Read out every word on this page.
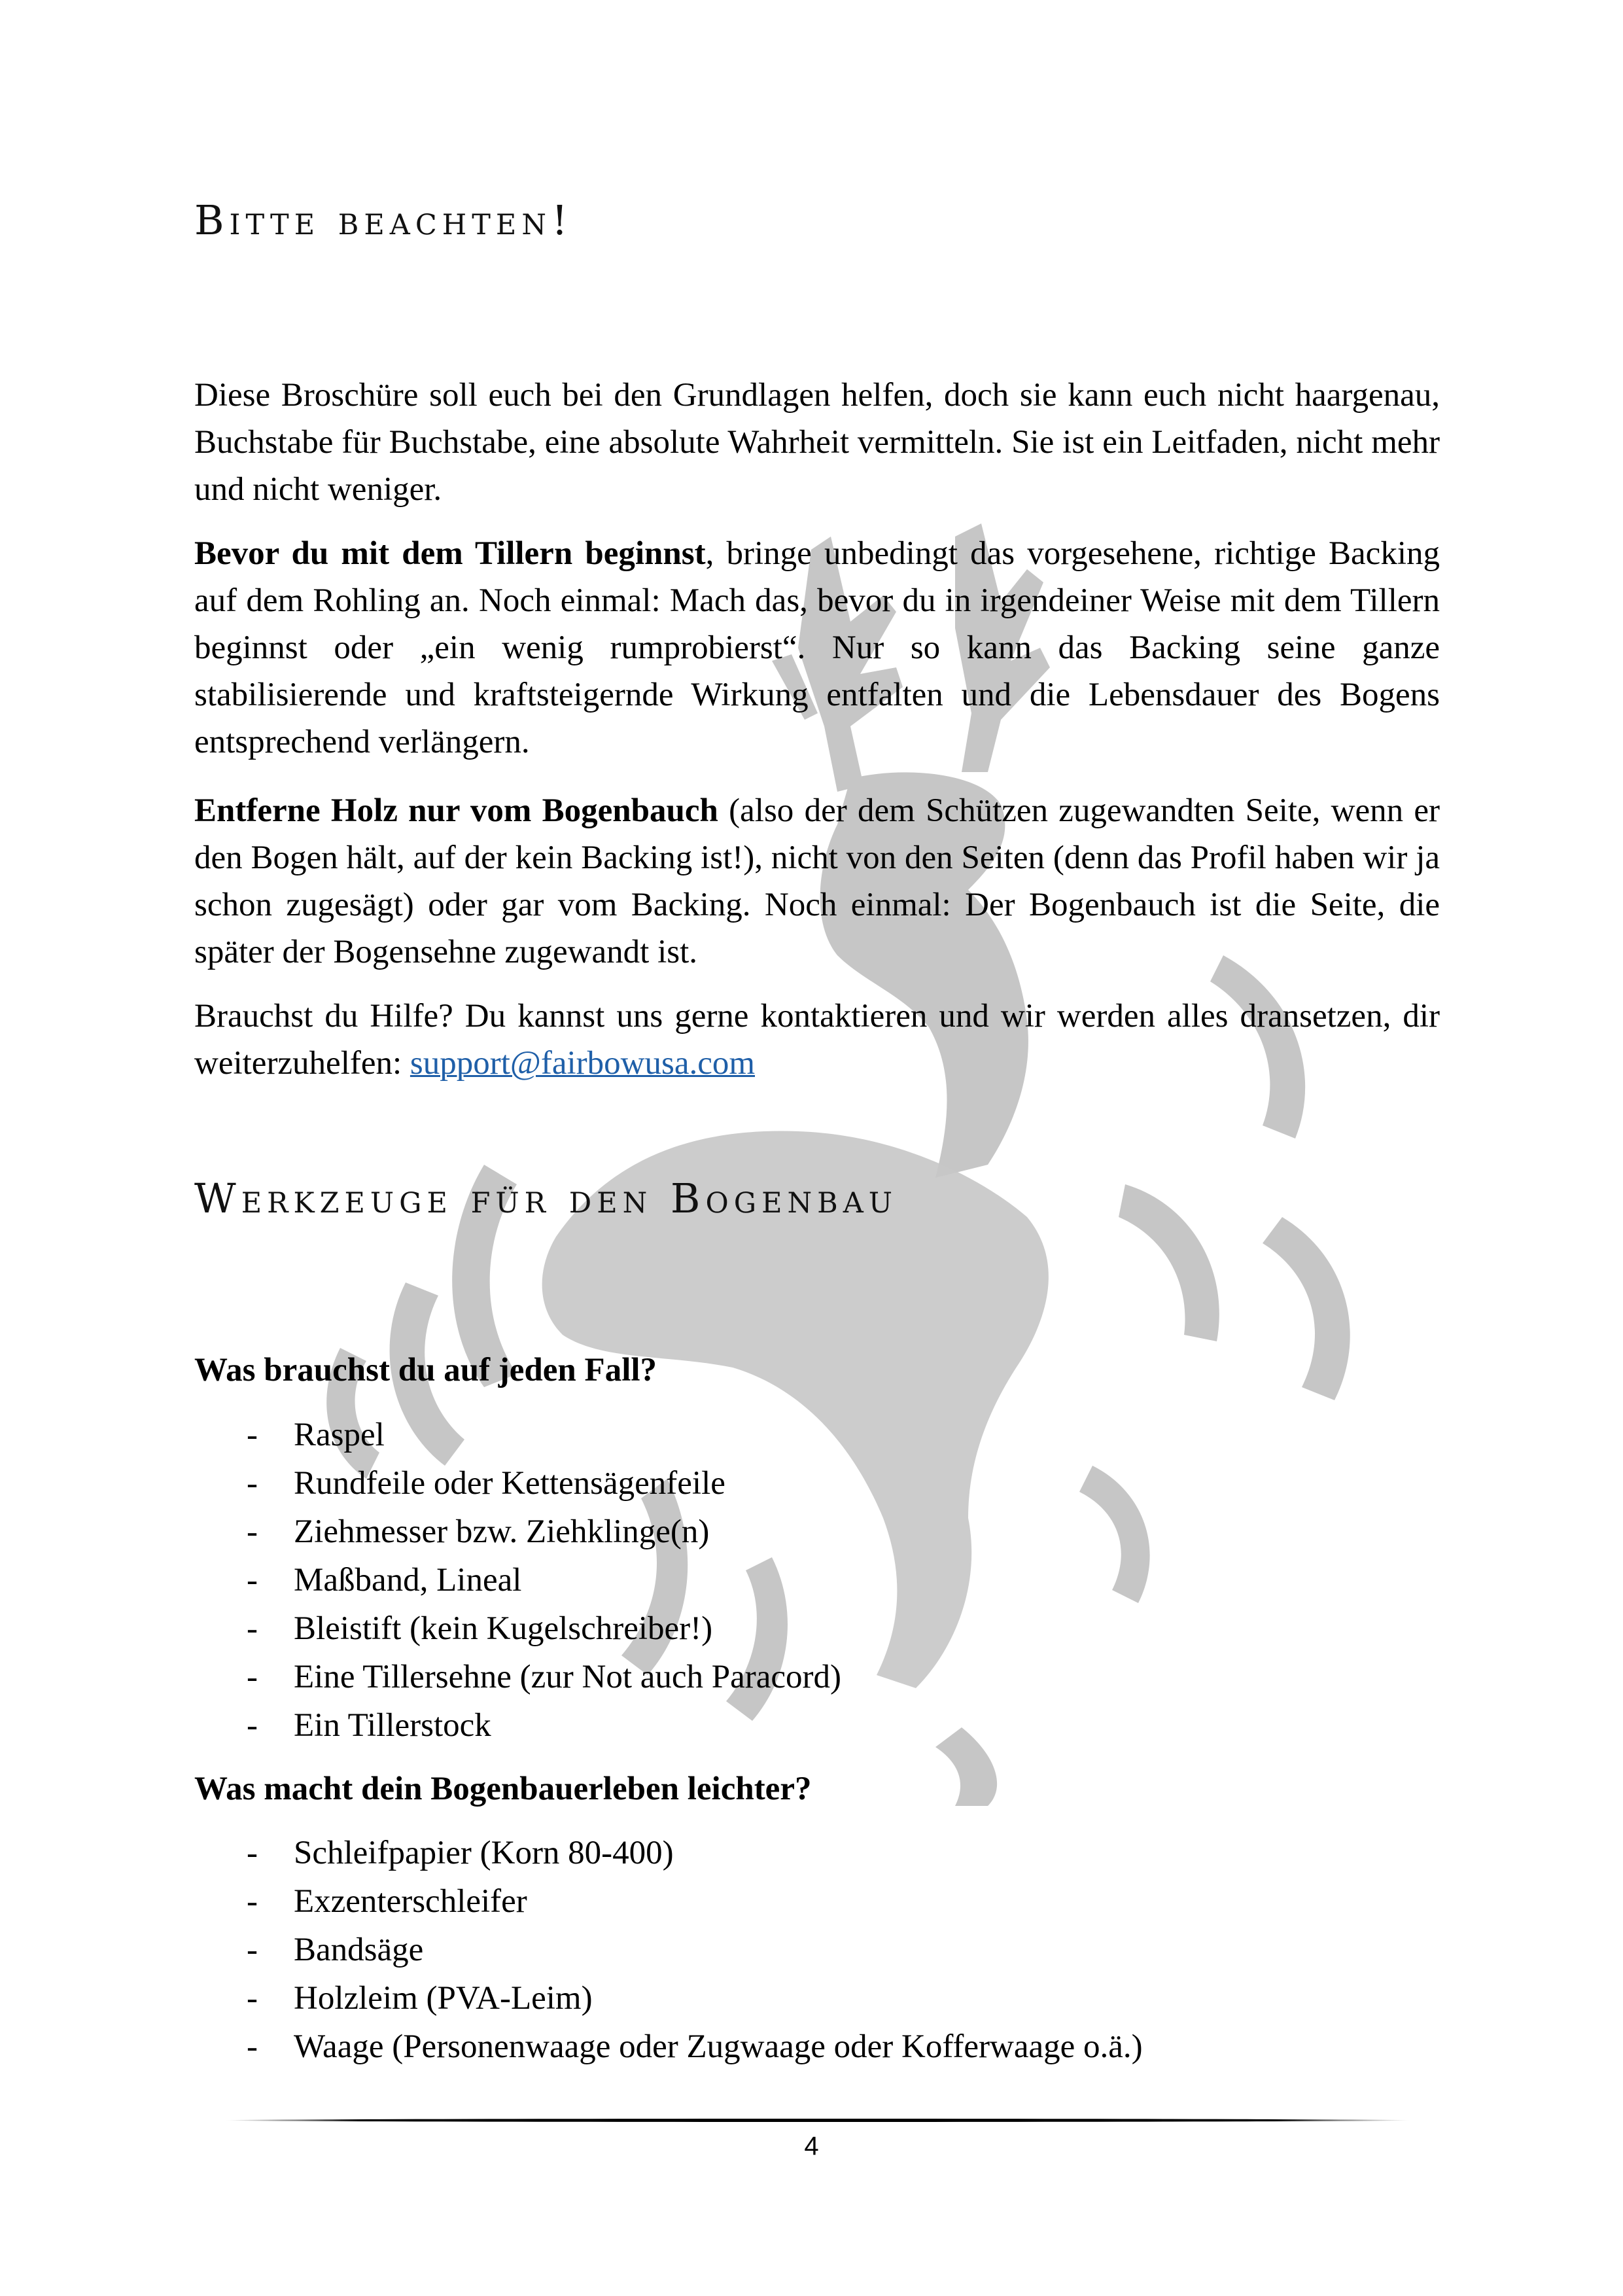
Bitte beachten!

Diese Broschüre soll euch bei den Grundlagen helfen, doch sie kann euch nicht haargenau, Buchstabe für Buchstabe, eine absolute Wahrheit vermitteln. Sie ist ein Leitfaden, nicht mehr und nicht weniger.

Bevor du mit dem Tillern beginnst, bringe unbedingt das vorgesehene, richtige Backing auf dem Rohling an. Noch einmal: Mach das, bevor du in irgendeiner Weise mit dem Tillern beginnst oder „ein wenig rumprobierst“. Nur so kann das Backing seine ganze stabilisierende und kraftsteigernde Wirkung entfalten und die Lebensdauer des Bogens entsprechend verlängern.

Entferne Holz nur vom Bogenbauch (also der dem Schützen zugewandten Seite, wenn er den Bogen hält, auf der kein Backing ist!), nicht von den Seiten (denn das Profil haben wir ja schon zugesägt) oder gar vom Backing. Noch einmal: Der Bogenbauch ist die Seite, die später der Bogensehne zugewandt ist.

Brauchst du Hilfe? Du kannst uns gerne kontaktieren und wir werden alles dransetzen, dir weiterzuhelfen: support@fairbowusa.com

Werkzeuge für den Bogenbau
Was brauchst du auf jeden Fall?
- Raspel
- Rundfeile oder Kettensägenfeile
- Ziehmesser bzw. Ziehklinge(n)
- Maßband, Lineal
- Bleistift (kein Kugelschreiber!)
- Eine Tillersehne (zur Not auch Paracord)
- Ein Tillerstock
Was macht dein Bogenbauerleben leichter?
- Schleifpapier (Korn 80-400)
- Exzenterschleifer
- Bandsäge
- Holzleim (PVA-Leim)
- Waage (Personenwaage oder Zugwaage oder Kofferwaage o.ä.)
4
